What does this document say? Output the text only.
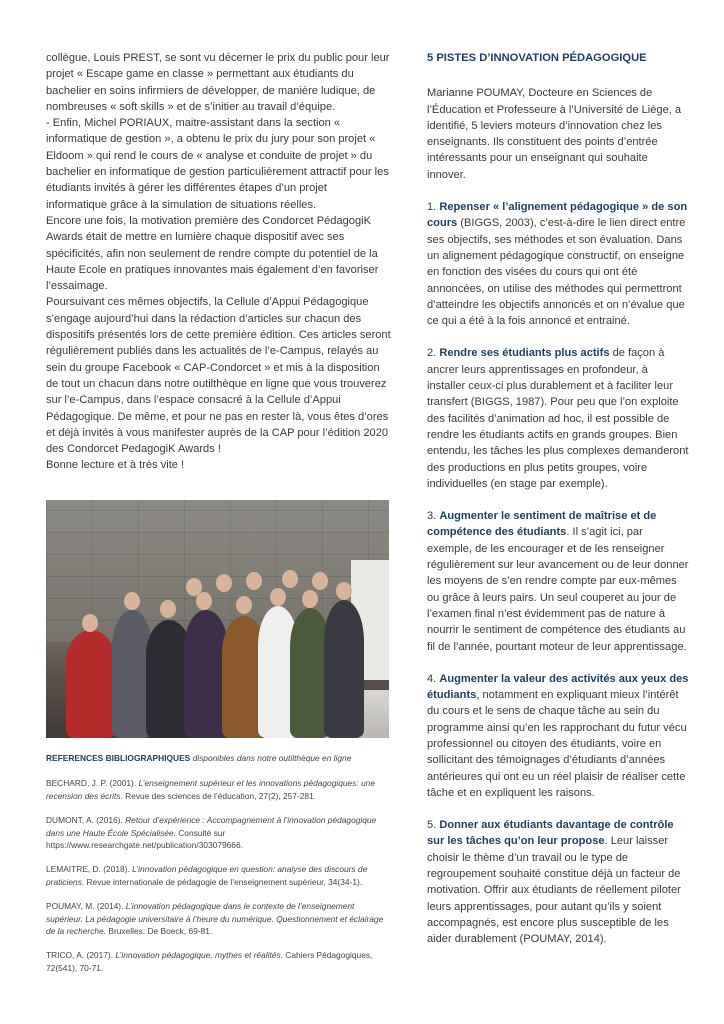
collègue, Louis PREST, se sont vu décerner le prix du public pour leur projet « Escape game en classe » permettant aux étudiants du bachelier en soins infirmiers de développer, de manière ludique, de nombreuses « soft skills » et de s’initier au travail d’équipe.

- Enfin, Michel PORIAUX, maitre-assistant dans la section « informatique de gestion », a obtenu le prix du jury pour son projet « Eldoom » qui rend le cours de « analyse et conduite de projet » du bachelier en informatique de gestion particulièrement attractif pour les étudiants invités à gérer les différentes étapes d’un projet informatique grâce à la simulation de situations réelles.

Encore une fois, la motivation première des Condorcet PédagogiK Awards était de mettre en lumière chaque dispositif avec ses spécificités, afin non seulement de rendre compte du potentiel de la Haute Ecole en pratiques innovantes mais également d’en favoriser l’essaimage.

Poursuivant ces mêmes objectifs, la Cellule d’Appui Pédagogique s’engage aujourd’hui dans la rédaction d’articles sur chacun des dispositifs présentés lors de cette première édition. Ces articles seront régulièrement publiés dans les actualités de l’e-Campus, relayés au sein du groupe Facebook « CAP-Condorcet » et mis à la disposition de tout un chacun dans notre outilthèque en ligne que vous trouverez sur l’e-Campus, dans l’espace consacré à la Cellule d’Appui Pédagogique. De même, et pour ne pas en rester là, vous êtes d’ores et déjà invités à vous manifester auprès de la CAP pour l’édition 2020 des Condorcet PedagogiK Awards !

Bonne lecture et à très vite !

REFERENCES BIBLIOGRAPHIQUES disponibles dans notre outilthèque en ligne

BECHARD, J. P. (2001). L’enseignement supérieur et les innovations pédagogiques: une recension des écrits. Revue des sciences de l’éducation, 27(2), 257-281.

DUMONT, A. (2016). Retour d’expérience : Accompagnement à l’innovation pédagogique dans une Haute École Spécialisée. Consulté sur https://www.researchgate.net/publication/303079666.

LEMAITRE, D. (2018). L’innovation pédagogique en question: analyse des discours de praticiens. Revue internationale de pédagogie de l’enseignement supérieur, 34(34-1).

POUMAY, M. (2014). L’innovation pédagogique dans le contexte de l’enseignement supérieur. La pédagogie universitaire à l’heure du numérique. Questionnement et éclairage de la recherche. Bruxelles: De Boeck, 69-81.

TRICO, A. (2017). L’innovation pédagogique, mythes et réalités. Cahiers Pédagogiques, 72(541), 70-71.

5 PISTES D’INNOVATION PÉDAGOGIQUE

Marianne POUMAY, Docteure en Sciences de l’Éducation et Professeure à l’Université de Liège, a identifié, 5 leviers moteurs d’innovation chez les enseignants. Ils constituent des points d’entrée intéressants pour un enseignant qui souhaite innover.

1. Repenser « l’alignement pédagogique » de son cours (BIGGS, 2003), c’est-à-dire le lien direct entre ses objectifs, ses méthodes et son évaluation. Dans un alignement pédagogique constructif, on enseigne en fonction des visées du cours qui ont été annoncées, on utilise des méthodes qui permettront d’atteindre les objectifs annoncés et on n’évalue que ce qui a été à la fois annoncé et entrainé.

2. Rendre ses étudiants plus actifs de façon à ancrer leurs apprentissages en profondeur, à installer ceux-ci plus durablement et à faciliter leur transfert (BIGGS, 1987). Pour peu que l’on exploite des facilités d’animation ad hoc, il est possible de rendre les étudiants actifs en grands groupes. Bien entendu, les tâches les plus complexes demanderont des productions en plus petits groupes, voire individuelles (en stage par exemple).

3. Augmenter le sentiment de maîtrise et de compétence des étudiants. Il s’agit ici, par exemple, de les encourager et de les renseigner régulièrement sur leur avancement ou de leur donner les moyens de s’en rendre compte par eux-mêmes ou grâce à leurs pairs. Un seul couperet au jour de l’examen final n’est évidemment pas de nature à nourrir le sentiment de compétence des étudiants au fil de l’année, pourtant moteur de leur apprentissage.

4. Augmenter la valeur des activités aux yeux des étudiants, notamment en expliquant mieux l’intérêt du cours et le sens de chaque tâche au sein du programme ainsi qu’en les rapprochant du futur vécu professionnel ou citoyen des étudiants, voire en sollicitant des témoignages d’étudiants d’années antérieures qui ont eu un réel plaisir de réaliser cette tâche et en expliquent les raisons.

5. Donner aux étudiants davantage de contrôle sur les tâches qu’on leur propose. Leur laisser choisir le thème d’un travail ou le type de regroupement souhaité constitue déjà un facteur de motivation. Offrir aux étudiants de réellement piloter leurs apprentissages, pour autant qu’ils y soient accompagnés, est encore plus susceptible de les aider durablement (POUMAY, 2014).
